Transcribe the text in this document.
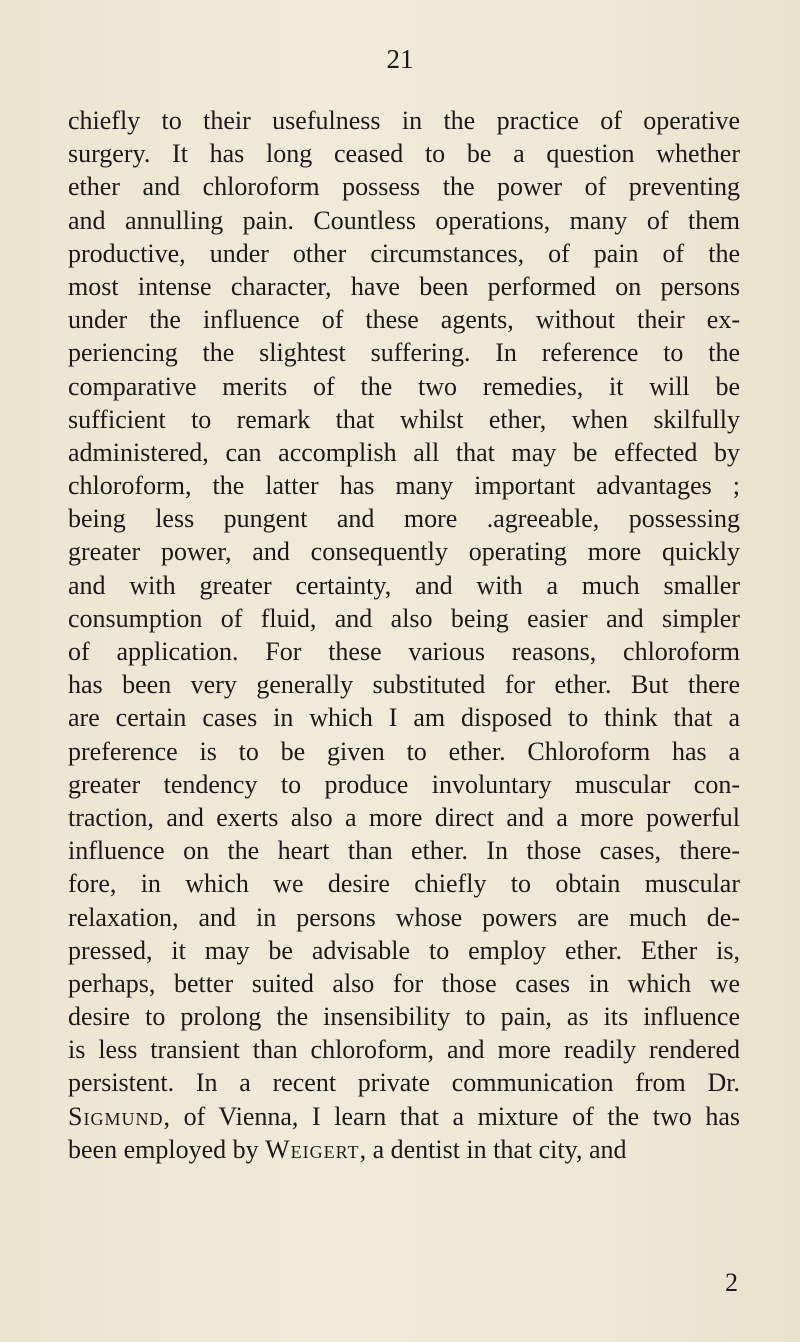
21
chiefly to their usefulness in the practice of operative
surgery. It has long ceased to be a question whether
ether and chloroform possess the power of preventing
and annulling pain. Countless operations, many of them
productive, under other circumstances, of pain of the
most intense character, have been performed on persons
under the influence of these agents, without their ex-
periencing the slightest suffering. In reference to the
comparative merits of the two remedies, it will be
sufficient to remark that whilst ether, when skilfully
administered, can accomplish all that may be effected by
chloroform, the latter has many important advantages ;
being less pungent and more .agreeable, possessing
greater power, and consequently operating more quickly
and with greater certainty, and with a much smaller
consumption of fluid, and also being easier and simpler
of application. For these various reasons, chloroform
has been very generally substituted for ether. But there
are certain cases in which I am disposed to think that a
preference is to be given to ether. Chloroform has a
greater tendency to produce involuntary muscular con-
traction, and exerts also a more direct and a more powerful
influence on the heart than ether. In those cases, there-
fore, in which we desire chiefly to obtain muscular
relaxation, and in persons whose powers are much de-
pressed, it may be advisable to employ ether. Ether is,
perhaps, better suited also for those cases in which we
desire to prolong the insensibility to pain, as its influence
is less transient than chloroform, and more readily rendered
persistent. In a recent private communication from Dr.
Sigmund, of Vienna, I learn that a mixture of the two has
been employed by Weigert, a dentist in that city, and
2
